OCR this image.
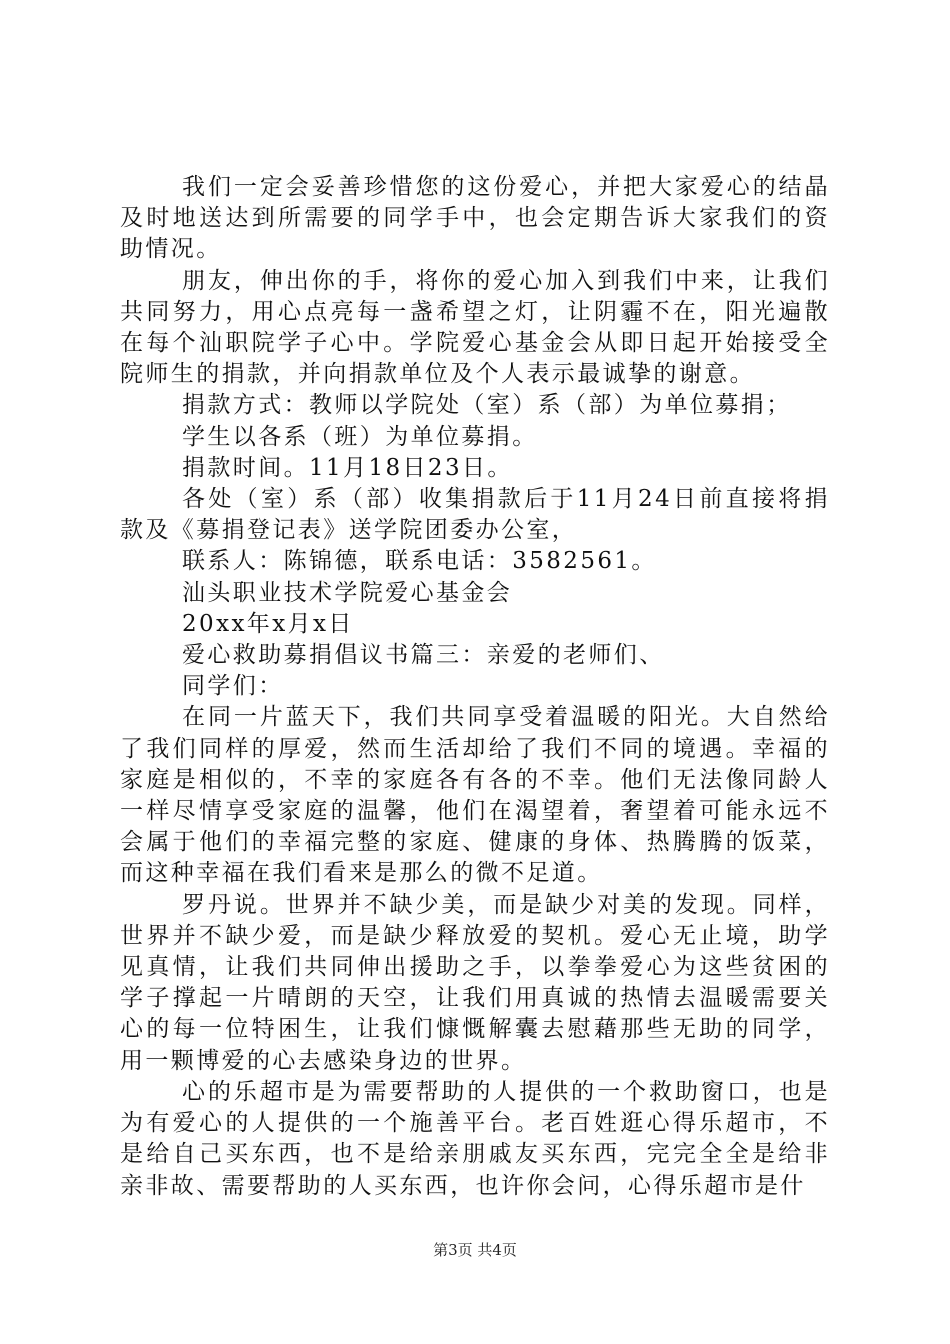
我们一定会妥善珍惜您的这份爱心，并把大家爱心的结晶及时地送达到所需要的同学手中，也会定期告诉大家我们的资助情况。

朋友，伸出你的手，将你的爱心加入到我们中来，让我们共同努力，用心点亮每一盏希望之灯，让阴霾不在，阳光遍散在每个汕职院学子心中。学院爱心基金会从即日起开始接受全院师生的捐款，并向捐款单位及个人表示最诚挚的谢意。

捐款方式：教师以学院处（室）系（部）为单位募捐；

学生以各系（班）为单位募捐。

捐款时间。11月18日23日。

各处（室）系（部）收集捐款后于11月24日前直接将捐款及《募捐登记表》送学院团委办公室，

联系人：陈锦德，联系电话：3582561。

汕头职业技术学院爱心基金会

20xx年x月x日

爱心救助募捐倡议书篇三：亲爱的老师们、

同学们：

在同一片蓝天下，我们共同享受着温暖的阳光。大自然给了我们同样的厚爱，然而生活却给了我们不同的境遇。幸福的家庭是相似的，不幸的家庭各有各的不幸。他们无法像同龄人一样尽情享受家庭的温馨，他们在渴望着，奢望着可能永远不会属于他们的幸福完整的家庭、健康的身体、热腾腾的饭菜，而这种幸福在我们看来是那么的微不足道。

罗丹说。世界并不缺少美，而是缺少对美的发现。同样，世界并不缺少爱，而是缺少释放爱的契机。爱心无止境，助学见真情，让我们共同伸出援助之手，以拳拳爱心为这些贫困的学子撑起一片晴朗的天空，让我们用真诚的热情去温暖需要关心的每一位特困生，让我们慷慨解囊去慰藉那些无助的同学，用一颗博爱的心去感染身边的世界。

心的乐超市是为需要帮助的人提供的一个救助窗口，也是为有爱心的人提供的一个施善平台。老百姓逛心得乐超市，不是给自己买东西，也不是给亲朋戚友买东西，完完全全是给非亲非故、需要帮助的人买东西，也许你会问，心得乐超市是什

第3页 共4页
